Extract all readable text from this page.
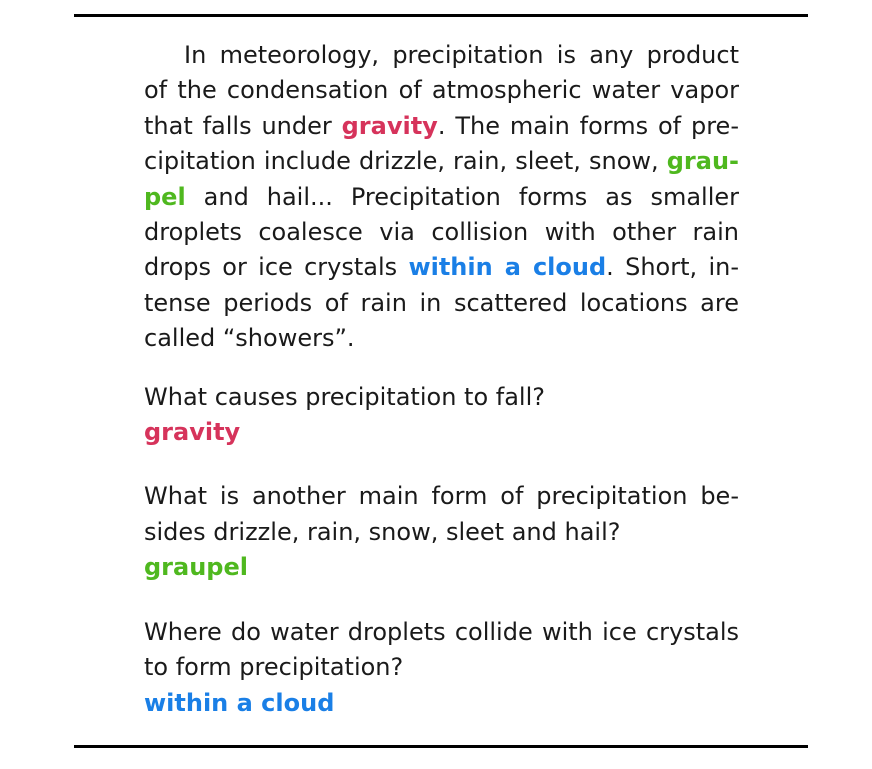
In meteorology, precipitation is any product of the condensation of atmospheric water vapor that falls under gravity. The main forms of precipitation include drizzle, rain, sleet, snow, graupel and hail... Precipitation forms as smaller droplets coalesce via collision with other rain drops or ice crystals within a cloud. Short, intense periods of rain in scattered locations are called “showers”.

What causes precipitation to fall?

gravity

What is another main form of precipitation besides drizzle, rain, snow, sleet and hail?

graupel

Where do water droplets collide with ice crystals to form precipitation?

within a cloud
